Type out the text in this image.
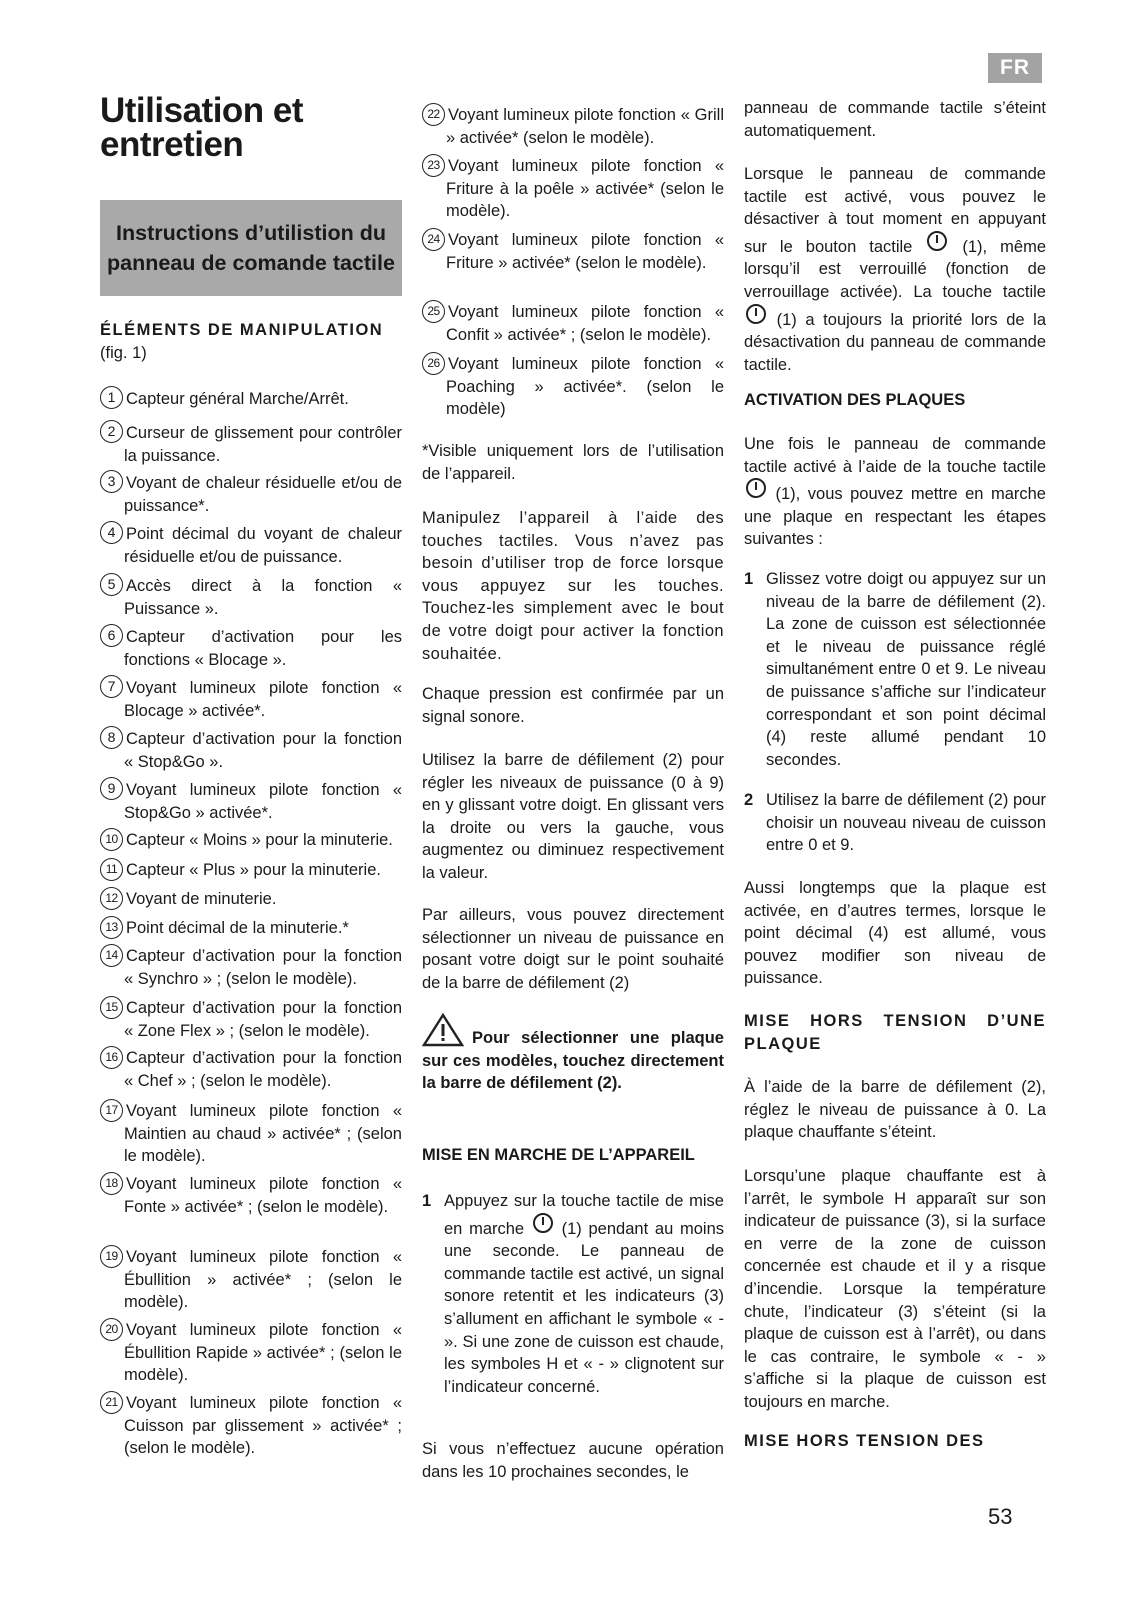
FR
Utilisation et entretien
Instructions d’utilistion du panneau de comande tactile
ÉLÉMENTS DE MANIPULATION
(fig. 1)
1 Capteur général Marche/Arrêt.
2 Curseur de glissement pour contrôler la puissance.
3 Voyant de chaleur résiduelle et/ou de puissance*.
4 Point décimal du voyant de chaleur résiduelle et/ou de puissance.
5 Accès direct à la fonction « Puissance ».
6 Capteur d’activation pour les fonctions « Blocage ».
7 Voyant lumineux pilote fonction « Blocage » activée*.
8 Capteur d’activation pour la fonction « Stop&Go ».
9 Voyant lumineux pilote fonction « Stop&Go » activée*.
10 Capteur « Moins » pour la minuterie.
11 Capteur « Plus » pour la minuterie.
12 Voyant de minuterie.
13 Point décimal de la minuterie.*
14 Capteur d’activation pour la fonction « Synchro » ; (selon le modèle).
15 Capteur d’activation pour la fonction « Zone Flex » ; (selon le modèle).
16 Capteur d’activation pour la fonction « Chef » ; (selon le modèle).
17 Voyant lumineux pilote fonction « Maintien au chaud » activée* ; (selon le modèle).
18 Voyant lumineux pilote fonction « Fonte » activée* ; (selon le modèle).
19 Voyant lumineux pilote fonction « Ébullition » activée* ; (selon le modèle).
20 Voyant lumineux pilote fonction « Ébullition Rapide » activée* ; (selon le modèle).
21 Voyant lumineux pilote fonction « Cuisson par glissement » activée* ; (selon le modèle).
22 Voyant lumineux pilote fonction « Grill » activée* (selon le modèle).
23 Voyant lumineux pilote fonction « Friture à la poêle » activée* (selon le modèle).
24 Voyant lumineux pilote fonction « Friture » activée* (selon le modèle).
25 Voyant lumineux pilote fonction « Confit » activée* ; (selon le modèle).
26 Voyant lumineux pilote fonction « Poaching » activée*. (selon le modèle)

*Visible uniquement lors de l’utilisation de l’appareil.

Manipulez l’appareil à l’aide des touches tactiles. Vous n’avez pas besoin d’utiliser trop de force lorsque vous appuyez sur les touches. Touchez-les simplement avec le bout de votre doigt pour activer la fonction souhaitée.

Chaque pression est confirmée par un signal sonore.

Utilisez la barre de défilement (2) pour régler les niveaux de puissance (0 à 9) en y glissant votre doigt. En glissant vers la droite ou vers la gauche, vous augmentez ou diminuez respectivement la valeur.

Par ailleurs, vous pouvez directement sélectionner un niveau de puissance en posant votre doigt sur le point souhaité de la barre de défilement (2)

Pour sélectionner une plaque sur ces modèles, touchez directement la barre de défilement (2).
MISE EN MARCHE DE L’APPAREIL
1 Appuyez sur la touche tactile de mise en marche (1) pendant au moins une seconde. Le panneau de commande tactile est activé, un signal sonore retentit et les indicateurs (3) s’allument en affichant le symbole « - ». Si une zone de cuisson est chaude, les symboles H et « - » clignotent sur l’indicateur concerné.

Si vous n’effectuez aucune opération dans les 10 prochaines secondes, le

panneau de commande tactile s’éteint automatiquement.

Lorsque le panneau de commande tactile est activé, vous pouvez le désactiver à tout moment en appuyant sur le bouton tactile	(1), même lorsqu’il est verrouillé (fonction de verrouillage activée). La touche tactile  (1) a toujours la priorité lors de la désactivation du panneau de commande tactile.

ACTIVATION DES PLAQUES

Une fois le panneau de commande tactile activé à l’aide de la touche tactile  (1), vous pouvez mettre en marche une plaque en respectant les étapes suivantes :

1 Glissez votre doigt ou appuyez sur un niveau de la barre de défilement (2). La zone de cuisson est sélectionnée et le niveau de puissance réglé simultanément entre 0 et 9. Le niveau de puissance s’affiche sur l’indicateur correspondant et son point décimal (4) reste allumé pendant 10 secondes.
2 Utilisez la barre de défilement (2) pour choisir un nouveau niveau de cuisson entre 0 et 9.

Aussi longtemps que la plaque est activée, en d’autres termes, lorsque le point décimal (4) est allumé, vous pouvez modifier son niveau de puissance.

MISE HORS TENSION D’UNE PLAQUE

À l’aide de la barre de défilement (2), réglez le niveau de puissance à 0. La plaque chauffante s’éteint.

Lorsqu’une plaque chauffante est à l’arrêt, le symbole H apparaît sur son indicateur de puissance (3), si la surface en verre de la zone de cuisson concernée est chaude et il y a risque d’incendie. Lorsque la température chute, l’indicateur (3) s’éteint (si la plaque de cuisson est à l’arrêt), ou dans le cas contraire, le symbole « - » s’affiche si la plaque de cuisson est toujours en marche.

MISE HORS TENSION DES
53
